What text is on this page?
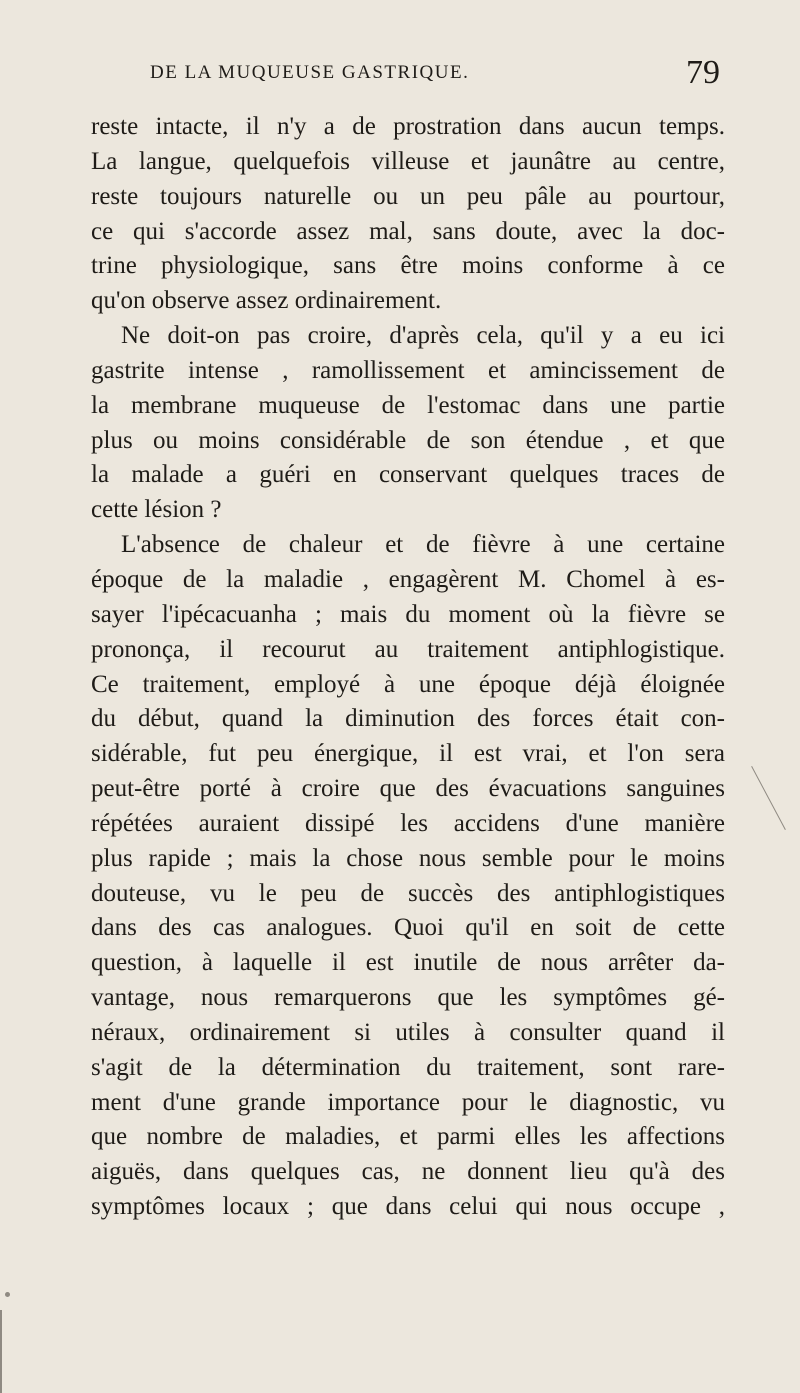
DE LA MUQUEUSE GASTRIQUE.	79
reste intacte, il n'y a de prostration dans aucun temps.
La langue, quelquefois villeuse et jaunâtre au centre,
reste toujours naturelle ou un peu pâle au pourtour,
ce qui s'accorde assez mal, sans doute, avec la doc-
trine physiologique, sans être moins conforme à ce
qu'on observe assez ordinairement.
Ne doit-on pas croire, d'après cela, qu'il y a eu ici
gastrite intense , ramollissement et amincissement de
la membrane muqueuse de l'estomac dans une partie
plus ou moins considérable de son étendue , et que
la malade a guéri en conservant quelques traces de
cette lésion ?
L'absence de chaleur et de fièvre à une certaine
époque de la maladie , engagèrent M. Chomel à es-
sayer l'ipécacuanha ; mais du moment où la fièvre se
prononça, il recourut au traitement antiphlogistique.
Ce traitement, employé à une époque déjà éloignée
du début, quand la diminution des forces était con-
sidérable, fut peu énergique, il est vrai, et l'on sera
peut-être porté à croire que des évacuations sanguines
répétées auraient dissipé les accidens d'une manière
plus rapide ; mais la chose nous semble pour le moins
douteuse, vu le peu de succès des antiphlogistiques
dans des cas analogues. Quoi qu'il en soit de cette
question, à laquelle il est inutile de nous arrêter da-
vantage, nous remarquerons que les symptômes gé-
néraux, ordinairement si utiles à consulter quand il
s'agit de la détermination du traitement, sont rare-
ment d'une grande importance pour le diagnostic, vu
que nombre de maladies, et parmi elles les affections
aiguës, dans quelques cas, ne donnent lieu qu'à des
symptômes locaux ; que dans celui qui nous occupe ,
